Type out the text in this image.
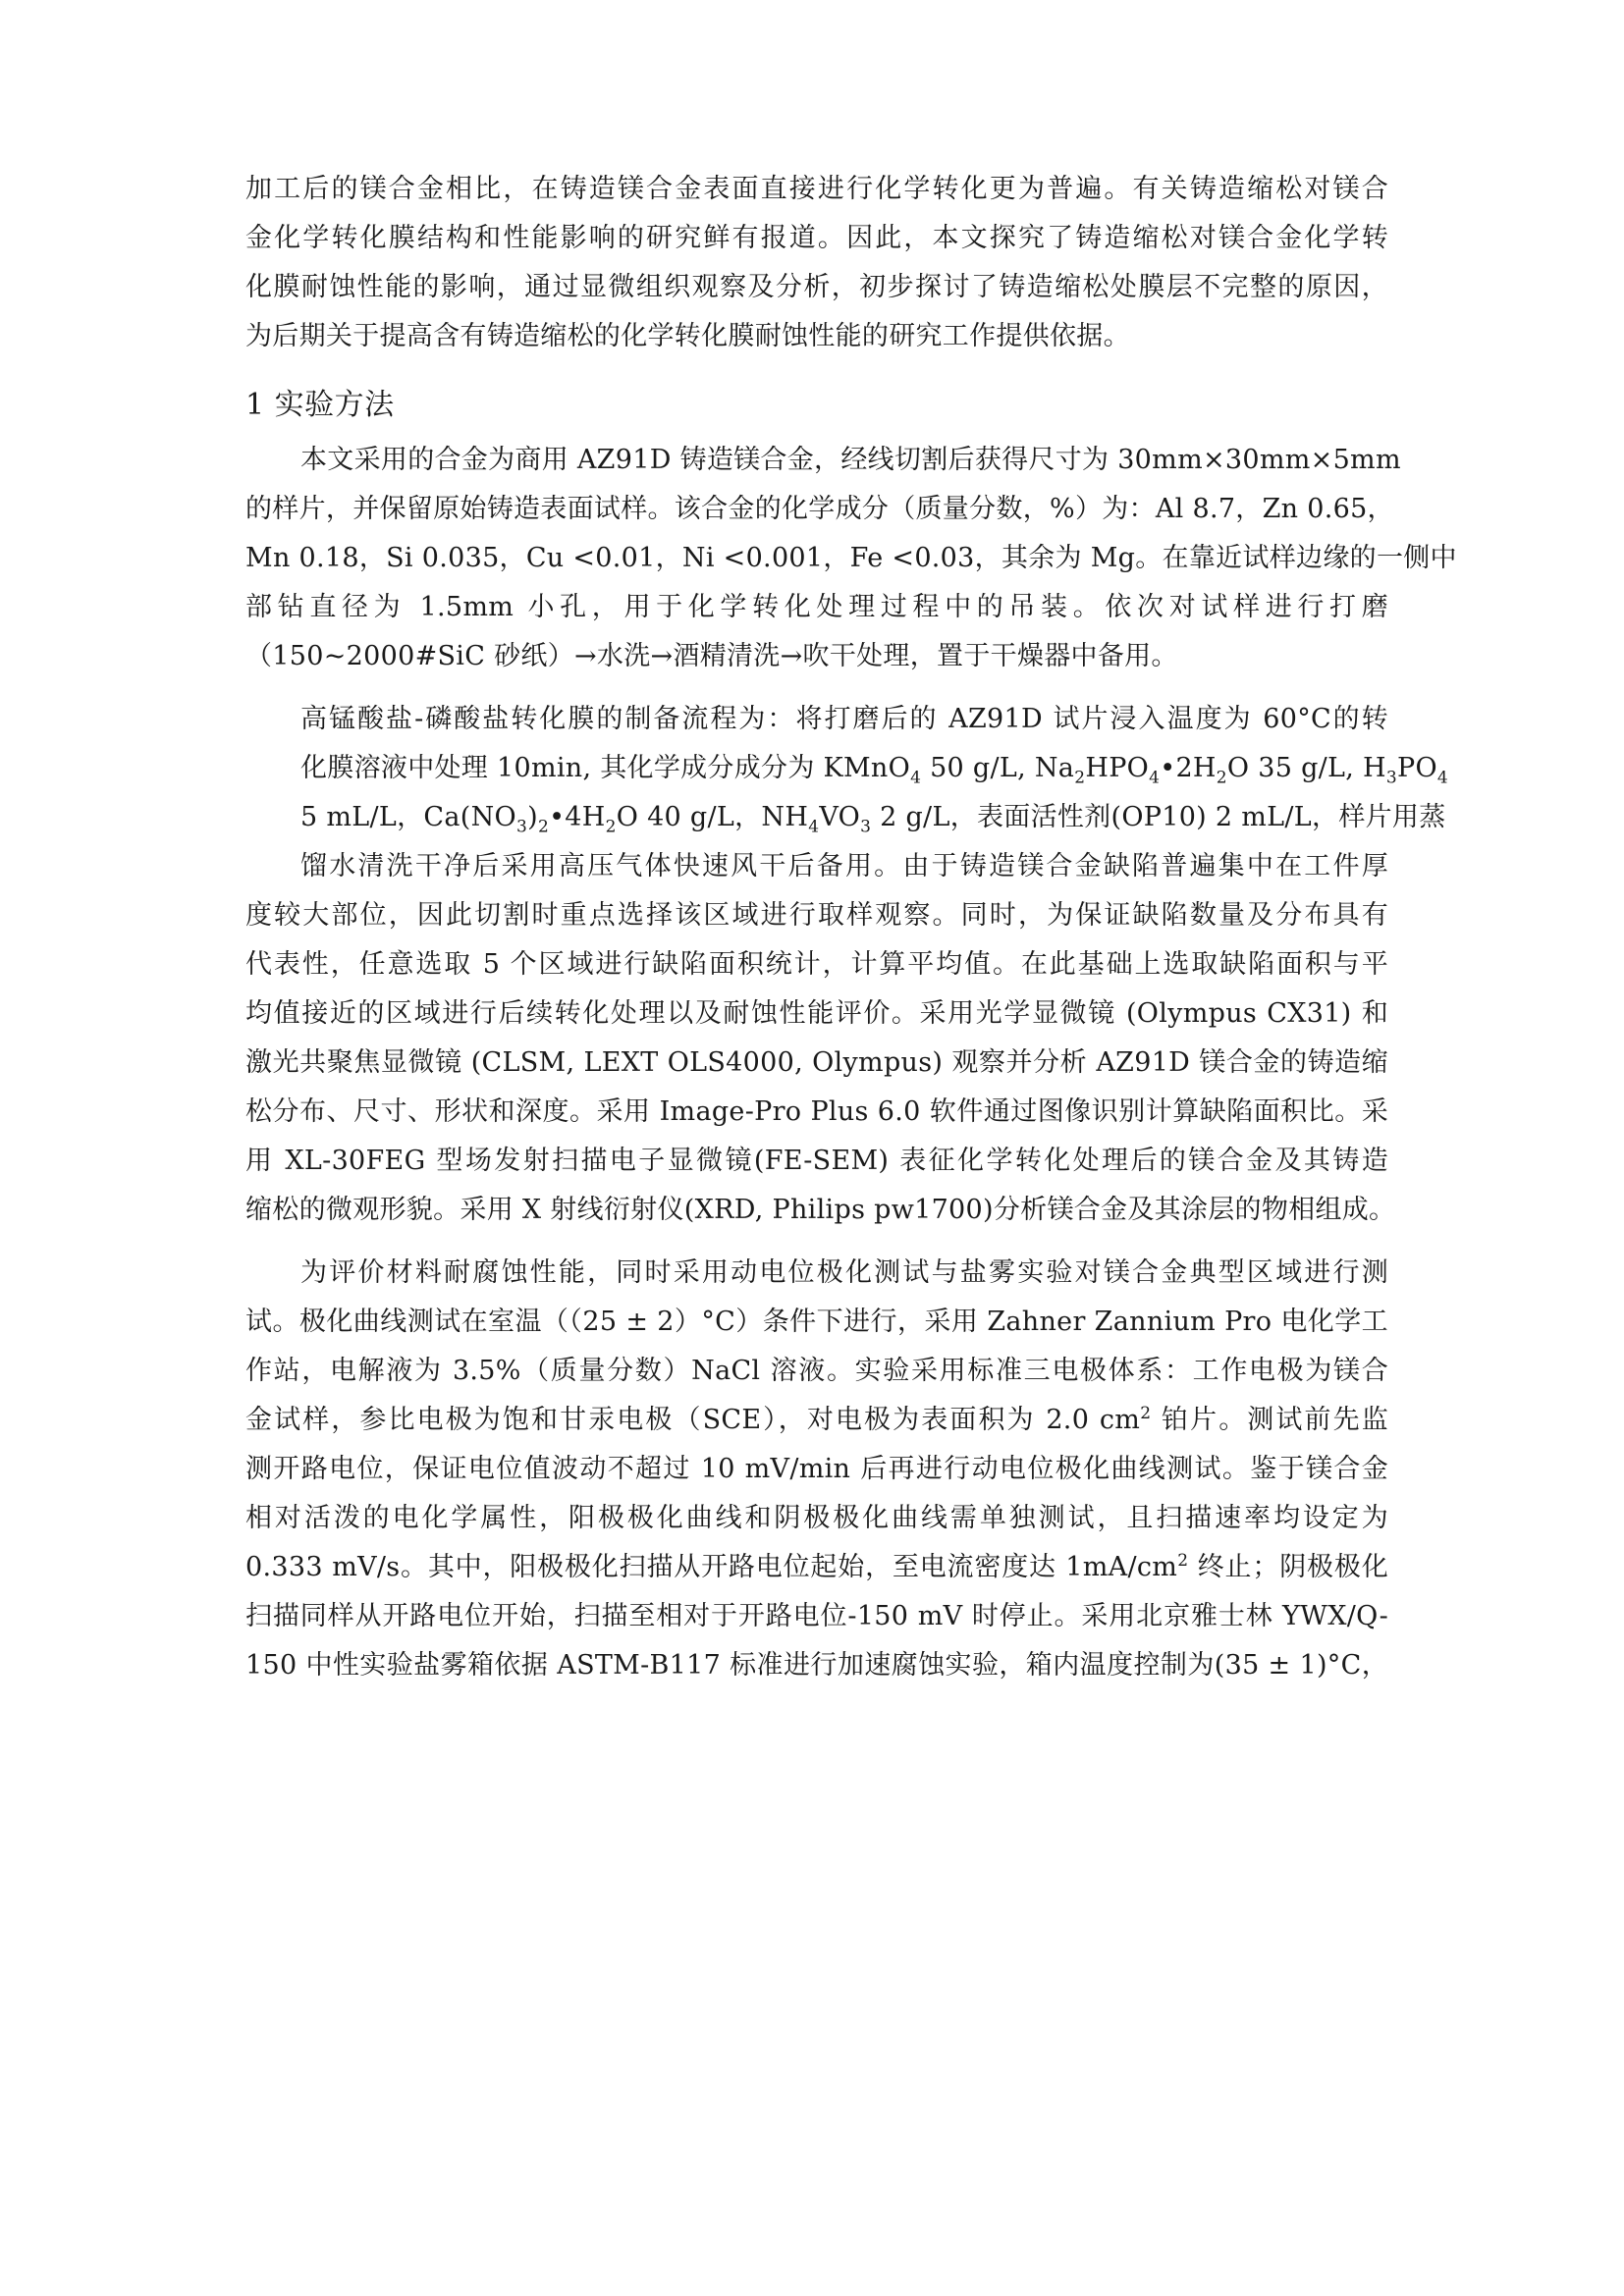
加工后的镁合金相比，在铸造镁合金表面直接进行化学转化更为普遍。有关铸造缩松对镁合
金化学转化膜结构和性能影响的研究鲜有报道。因此，本文探究了铸造缩松对镁合金化学转
化膜耐蚀性能的影响，通过显微组织观察及分析，初步探讨了铸造缩松处膜层不完整的原因，
为后期关于提高含有铸造缩松的化学转化膜耐蚀性能的研究工作提供依据。
1 实验方法
本文采用的合金为商用 AZ91D 铸造镁合金，经线切割后获得尺寸为 30mm×30mm×5mm
的样片，并保留原始铸造表面试样。该合金的化学成分（质量分数，%）为：Al 8.7，Zn 0.65，
Mn 0.18，Si 0.035，Cu <0.01，Ni <0.001，Fe <0.03，其余为 Mg。在靠近试样边缘的一侧中
部钻直径为 1.5mm 小孔，用于化学转化处理过程中的吊装。依次对试样进行打磨
（150~2000#SiC 砂纸）→水洗→酒精清洗→吹干处理，置于干燥器中备用。
高锰酸盐-磷酸盐转化膜的制备流程为：将打磨后的 AZ91D 试片浸入温度为 60°C的转
化膜溶液中处理 10min, 其化学成分成分为 KMnO$_4$ 50 g/L, $Na_2HPO_4•2H_2O$ 35 g/L, $H_3PO_4$
5 mL/L，$Ca(NO_3)_2•4H_2O$ 40 g/L，$NH_4VO_3$ 2 g/L，表面活性剂(OP10) 2 mL/L，样片用蒸
馏水清洗干净后采用高压气体快速风干后备用。由于铸造镁合金缺陷普遍集中在工件厚
度较大部位，因此切割时重点选择该区域进行取样观察。同时，为保证缺陷数量及分布具有
代表性，任意选取 5 个区域进行缺陷面积统计，计算平均值。在此基础上选取缺陷面积与平
均值接近的区域进行后续转化处理以及耐蚀性能评价。采用光学显微镜 (Olympus CX31) 和
激光共聚焦显微镜 (CLSM, LEXT OLS4000, Olympus) 观察并分析 AZ91D 镁合金的铸造缩
松分布、尺寸、形状和深度。采用 Image-Pro Plus 6.0 软件通过图像识别计算缺陷面积比。采
用 XL-30FEG 型场发射扫描电子显微镜(FE-SEM) 表征化学转化处理后的镁合金及其铸造
缩松的微观形貌。采用 X 射线衍射仪(XRD, Philips pw1700)分析镁合金及其涂层的物相组成。
为评价材料耐腐蚀性能，同时采用动电位极化测试与盐雾实验对镁合金典型区域进行测
试。极化曲线测试在室温（（25 ± 2）°C）条件下进行，采用 Zahner Zannium Pro 电化学工
作站，电解液为 3.5%（质量分数）NaCl 溶液。实验采用标准三电极体系：工作电极为镁合
金试样，参比电极为饱和甘汞电极（SCE），对电极为表面积为 2.0 $cm^2$ 铂片。测试前先监
测开路电位，保证电位值波动不超过 10 mV/min 后再进行动电位极化曲线测试。鉴于镁合金
相对活泼的电化学属性，阳极极化曲线和阴极极化曲线需单独测试，且扫描速率均设定为
0.333 mV/s。其中，阳极极化扫描从开路电位起始，至电流密度达 $1mA/cm^2$ 终止；阴极极化
扫描同样从开路电位开始，扫描至相对于开路电位-150 mV 时停止。采用北京雅士林 YWX/Q-
150 中性实验盐雾箱依据 ASTM-B117 标准进行加速腐蚀实验，箱内温度控制为(35 ± 1)°C，
